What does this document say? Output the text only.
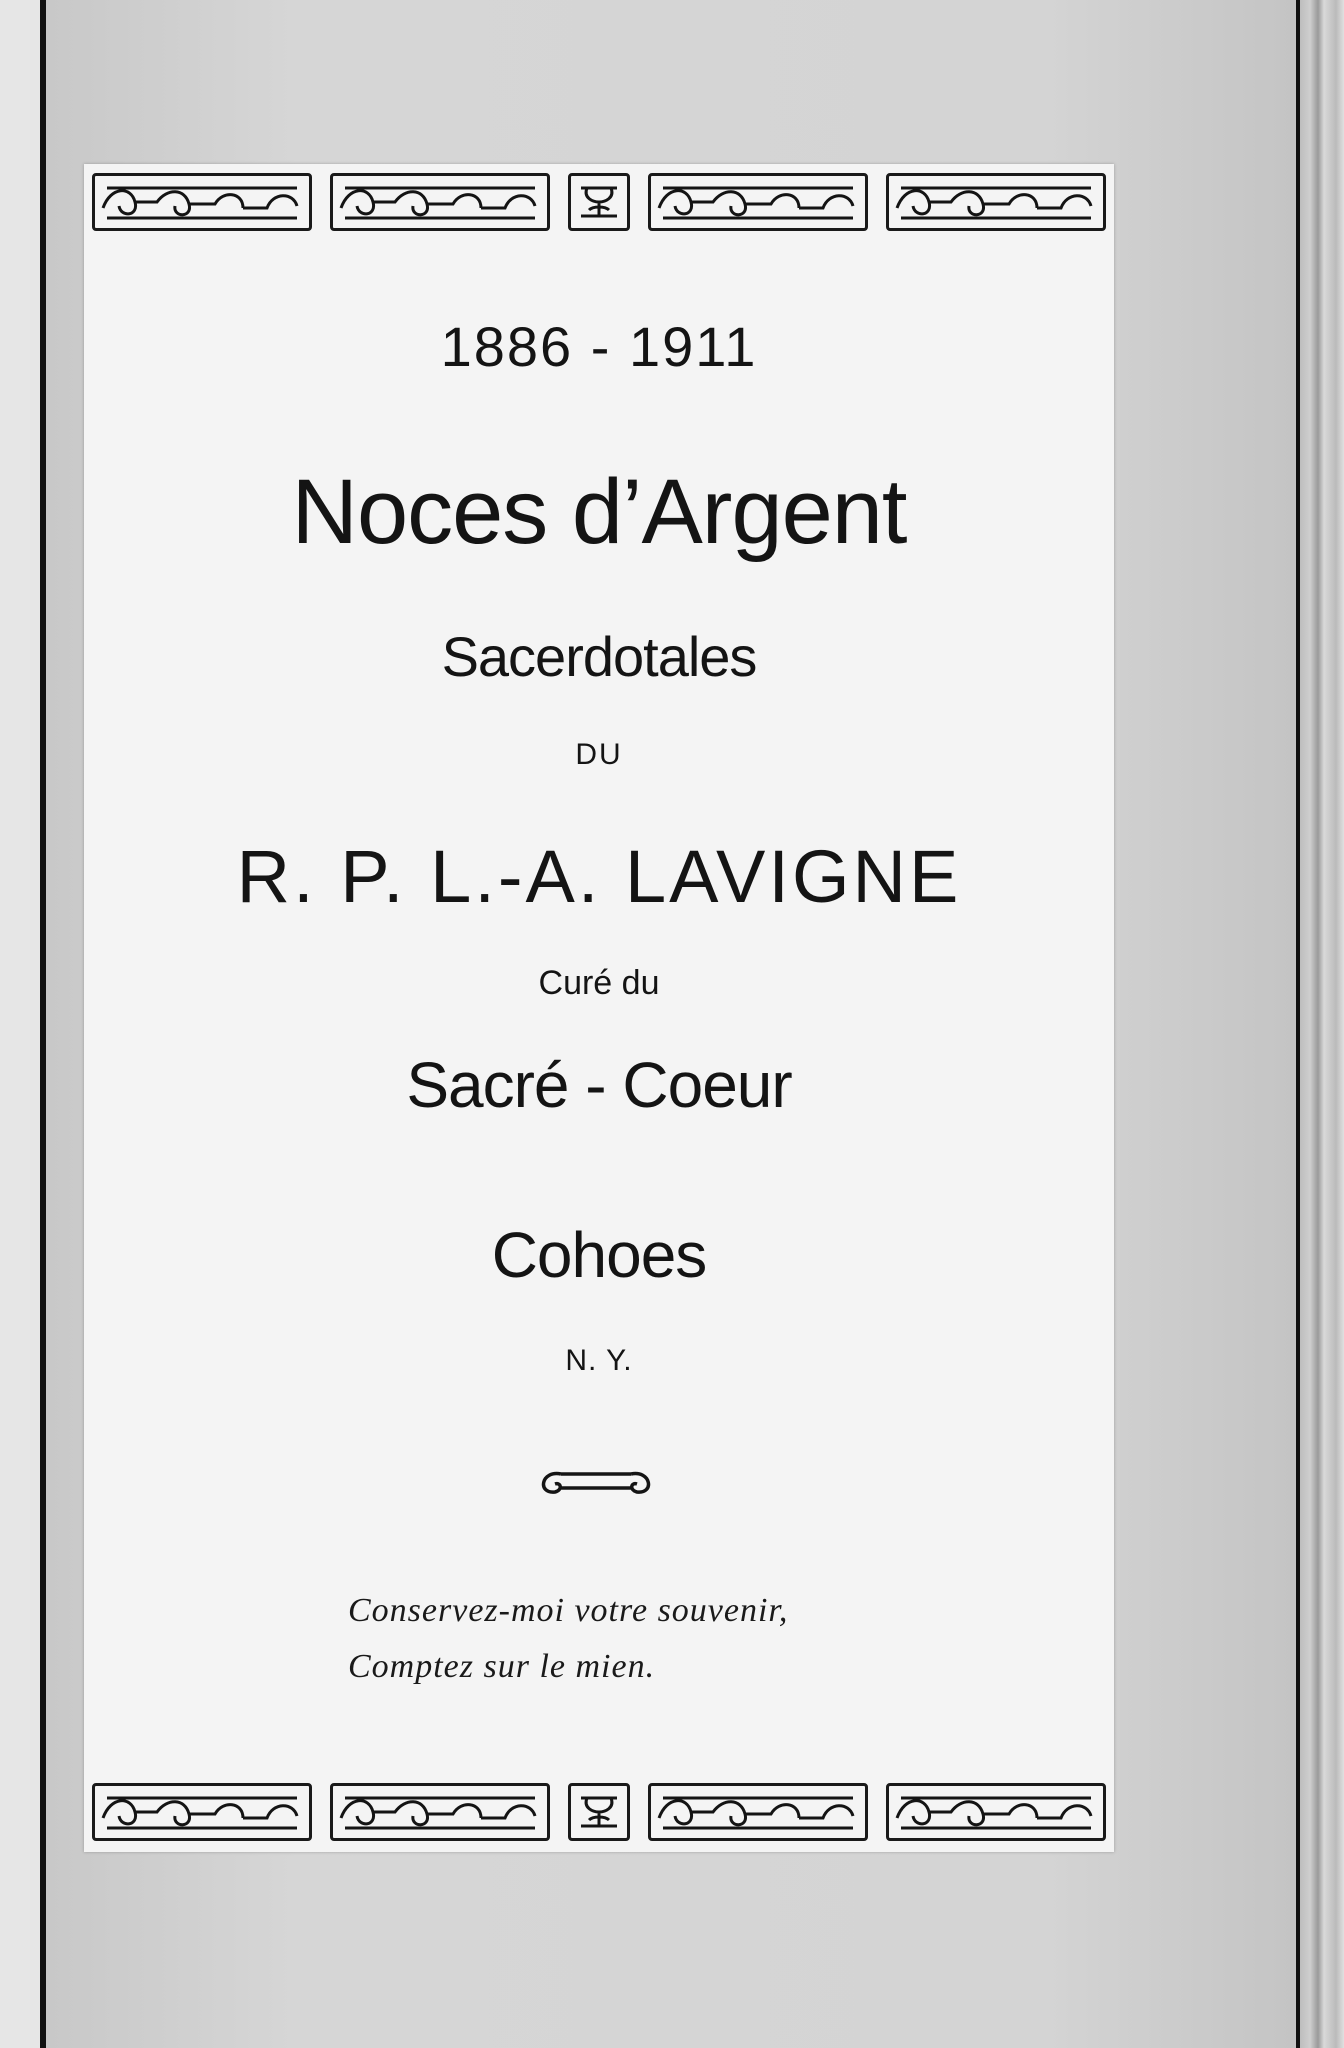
1886 - 1911
Noces d’Argent
Sacerdotales
DU
R. P. L.-A. LAVIGNE
Curé du
Sacré - Coeur
Cohoes
N. Y.
Conservez-moi votre souvenir,
Comptez sur le mien.
